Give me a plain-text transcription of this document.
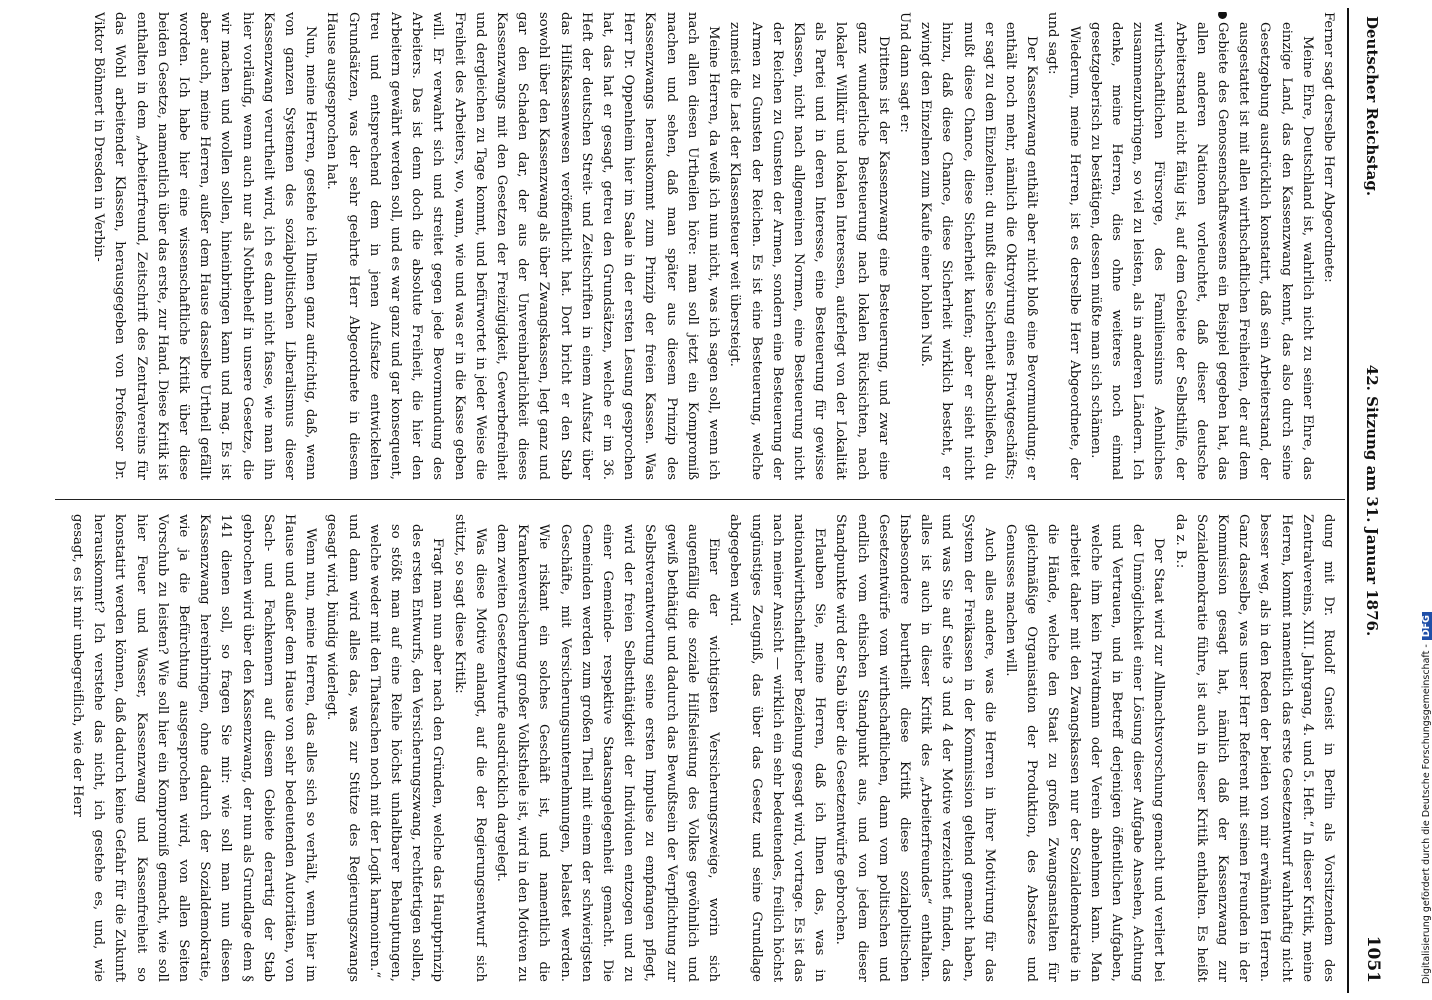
Deutscher Reichstag.
42. Sitzung am 31. Januar 1876.
1051

Ferner sagt derselbe Herr Abgeordnete:

Meine Ehre, Deutschland ist, wahrlich nicht zu seiner Ehre, das einzige Land, das den Kassenzwang kennt, das also durch seine Gesetzgebung ausdrücklich konstatirt, daß sein Arbeiterstand, der ausgestattet ist mit allen wirthschaftlichen Freiheiten, der auf dem Gebiete des Genossenschaftswesens ein Beispiel gegeben hat, das allen anderen Nationen vorleuchtet, daß dieser deutsche Arbeiterstand nicht fähig ist, auf dem Gebiete der Selbsthilfe, der wirthschaftlichen Fürsorge, des Familiensinns Aehnliches zusammenzubringen, so viel zu leisten, als in anderen Ländern. Ich denke, meine Herren, dies ohne weiteres noch einmal gesetzgeberisch zu bestätigen, dessen müßte man sich schämen.

Wiederum, meine Herren, ist es derselbe Herr Abgeordnete, der und sagt:

Der Kassenzwang enthält aber nicht bloß eine Bevormundung; er enthält noch mehr, nämlich die Oktroyirung eines Privatgeschäfts; er sagt zu dem Einzelnen: du mußt diese Sicherheit abschließen, du mußt diese Chance, diese Sicherheit kaufen; aber er sieht nicht hinzu, daß diese Chance, diese Sicherheit wirklich besteht, er zwingt den Einzelnen zum Kaufe einer hohlen Nuß.

Und dann sagt er:

Drittens ist der Kassenzwang eine Besteuerung, und zwar eine ganz wunderliche Besteuerung nach lokalen Rücksichten, nach lokaler Willkür und lokalen Interessen, auferlegt von der Lokalität als Partei und in deren Interesse, eine Besteuerung für gewisse Klassen, nicht nach allgemeinen Normen, eine Besteuerung nicht der Reichen zu Gunsten der Armen, sondern eine Besteuerung der Armen zu Gunsten der Reichen. Es ist eine Besteuerung, welche zumeist die Last der Klassensteuer weit übersteigt.

Meine Herren, da weiß ich nun nicht, was ich sagen soll, wenn ich nach allen diesen Urtheilen höre: man soll jetzt ein Kompromiß machen und sehen, daß man später aus diesem Prinzip des Kassenzwangs herauskommt zum Prinzip der freien Kassen. Was Herr Dr. Oppenheim hier im Saale in der ersten Lesung gesprochen hat, das hat er gesagt, getreu den Grundsätzen, welche er im 36. Heft der deutschen Streit- und Zeitschriften in einem Aufsatz über das Hilfskassenwesen veröffentlicht hat. Dort bricht er den Stab sowohl über den Kassenzwang als über Zwangskassen, legt ganz und gar den Schaden dar, der aus der Unvereinbarlichkeit dieses Kassenzwangs mit den Gesetzen der Freizügigkeit, Gewerbefreiheit und dergleichen zu Tage kommt, und befürwortet in jeder Weise die Freiheit des Arbeiters, wo, wann, wie und was er in die Kasse geben will. Er verwahrt sich und streitet gegen jede Bevormundung des Arbeiters. Das ist denn doch die absolute Freiheit, die hier den Arbeitern gewährt werden soll, und es war ganz und gar konsequent, treu und entsprechend dem in jenen Aufsatze entwickelten Grundsätzen, was der sehr geehrte Herr Abgeordnete in diesem Hause ausgesprochen hat.

Nun, meine Herren, gestehe ich Ihnen ganz aufrichtig, daß, wenn von ganzen Systemen des sozialpolitischen Liberalismus dieser Kassenzwang verurtheilt wird, ich es dann nicht fasse, wie man ihn hier vorläufig, wenn auch nur als Nothbehelf in unsere Gesetze, die wir machen und wollen sollen, hineinbringen kann und mag. Es ist aber auch, meine Herren, außer dem Hause dasselbe Urtheil gefällt worden. Ich habe hier eine wissenschaftliche Kritik über diese beiden Gesetze, namentlich über das erste, zur Hand. Diese Kritik ist enthalten in dem „Arbeiterfreund, Zeitschrift des Zentralvereins für das Wohl arbeitender Klassen, herausgegeben von Professor Dr. Viktor Böhmert in Dresden in Verbin-

dung mit Dr. Rudolf Gneist in Berlin als Vorsitzendem des Zentralvereins, XIII. Jahrgang, 4. und 5. Heft.“ In dieser Kritik, meine Herren, kommt namentlich das erste Gesetzentwurf wahrhaftig nicht besser weg, als in den Reden der beiden von mir erwähnten Herren. Ganz dasselbe, was unser Herr Referent mit seinen Freunden in der Kommission gesagt hat, nämlich daß der Kassenzwang zur Sozialdemokratie führe, ist auch in dieser Kritik enthalten. Es heißt da z. B.:

Der Staat wird zur Allmachtsvorschung gemacht und verliert bei der Unmöglichkeit einer Lösung dieser Aufgabe Ansehen, Achtung und Vertrauen, und in Betreff derjenigen öffentlichen Aufgaben, welche ihm kein Privatmann oder Verein abnehmen kann. Man arbeitet daher mit den Zwangskassen nur der Sozialdemokratie in die Hände, welche den Staat zu großen Zwangsanstalten für gleichmäßige Organisation der Produktion, des Absatzes und Genusses machen will.

Auch alles andere, was die Herren in ihrer Motivirung für das System der Freikassen in der Kommission geltend gemacht haben, und was Sie auf Seite 3 und 4 der Motive verzeichnet finden, das alles ist auch in dieser Kritik des „Arbeiterfreundes“ enthalten. Insbesondere beurtheilt diese Kritik diese sozialpolitischen Gesetzentwürfe vom wirthschaftlichen, dann vom politischen und endlich vom ethischen Standpunkt aus, und von jedem dieser Standpunkte wird der Stab über die Gesetzentwürfe gebrochen.

Erlauben Sie, meine Herren, daß ich Ihnen das, was in nationalwirthschaftlicher Beziehung gesagt wird, vortrage. Es ist das nach meiner Ansicht — wirklich ein sehr bedeutendes, freilich höchst ungünstiges Zeugniß, das über das Gesetz und seine Grundlage abgegeben wird.

Einer der wichtigsten Versicherungszweige, worin sich augenfällig die soziale Hilfsleistung des Volkes gewöhnlich und gewiß bethätigt und dadurch das Bewußtsein der Verpflichtung zur Selbstverantwortung seine ersten Impulse zu empfangen pflegt, wird der freien Selbstthätigkeit der Individuen entzogen und zu einer Gemeinde- respektive Staatsangelegenheit gemacht. Die Gemeinden werden zum großen Theil mit einem der schwierigsten Geschäfte, mit Versicherungsunternehmungen, belastet werden. Wie riskant ein solches Geschäft ist, und namentlich die Krankenversicherung großer Volkstheile ist, wird in den Motiven zu dem zweiten Gesetzentwurfe ausdrücklich dargelegt.

Was diese Motive anlangt, auf die der Regierungsentwurf sich stützt, so sagt diese Kritik:

Fragt man nun aber nach den Gründen, welche das Hauptprinzip des ersten Entwurfs, den Versicherungszwang, rechtfertigen sollen, so stößt man auf eine Reihe höchst unhaltbarer Behauptungen, welche weder mit den Thatsachen noch mit der Logik harmoniren.“

und dann wird alles das, was zur Stütze des Regierungszwangs gesagt wird, bündig widerlegt.

Wenn nun, meine Herren, das alles sich so verhält, wenn hier im Hause und außer dem Hause von sehr bedeutenden Autoritäten, von Sach- und Fachkennern auf diesem Gebiete derartig der Stab gebrochen wird über den Kassenzwang, der nun als Grundlage dem § 141 dienen soll, so fragen Sie mir: wie soll man nun diesen Kassenzwang hereinbringen, ohne dadurch der Sozialdemokratie, wie ja die Befürchtung ausgesprochen wird, von allen Seiten Vorschub zu leisten? Wie soll hier ein Kompromiß gemacht, wie soll hier Feuer und Wasser, Kassenzwang und Kassenfreiheit so konstatirt werden können, daß dadurch keine Gefahr für die Zukunft herauskommt? Ich verstehe das nicht, ich gestehe es, und, wie gesagt, es ist mir unbegreiflich, wie der Herr	Digitalisierung gefördert durch die Deutsche Forschungsgemeinschaft -DFG
